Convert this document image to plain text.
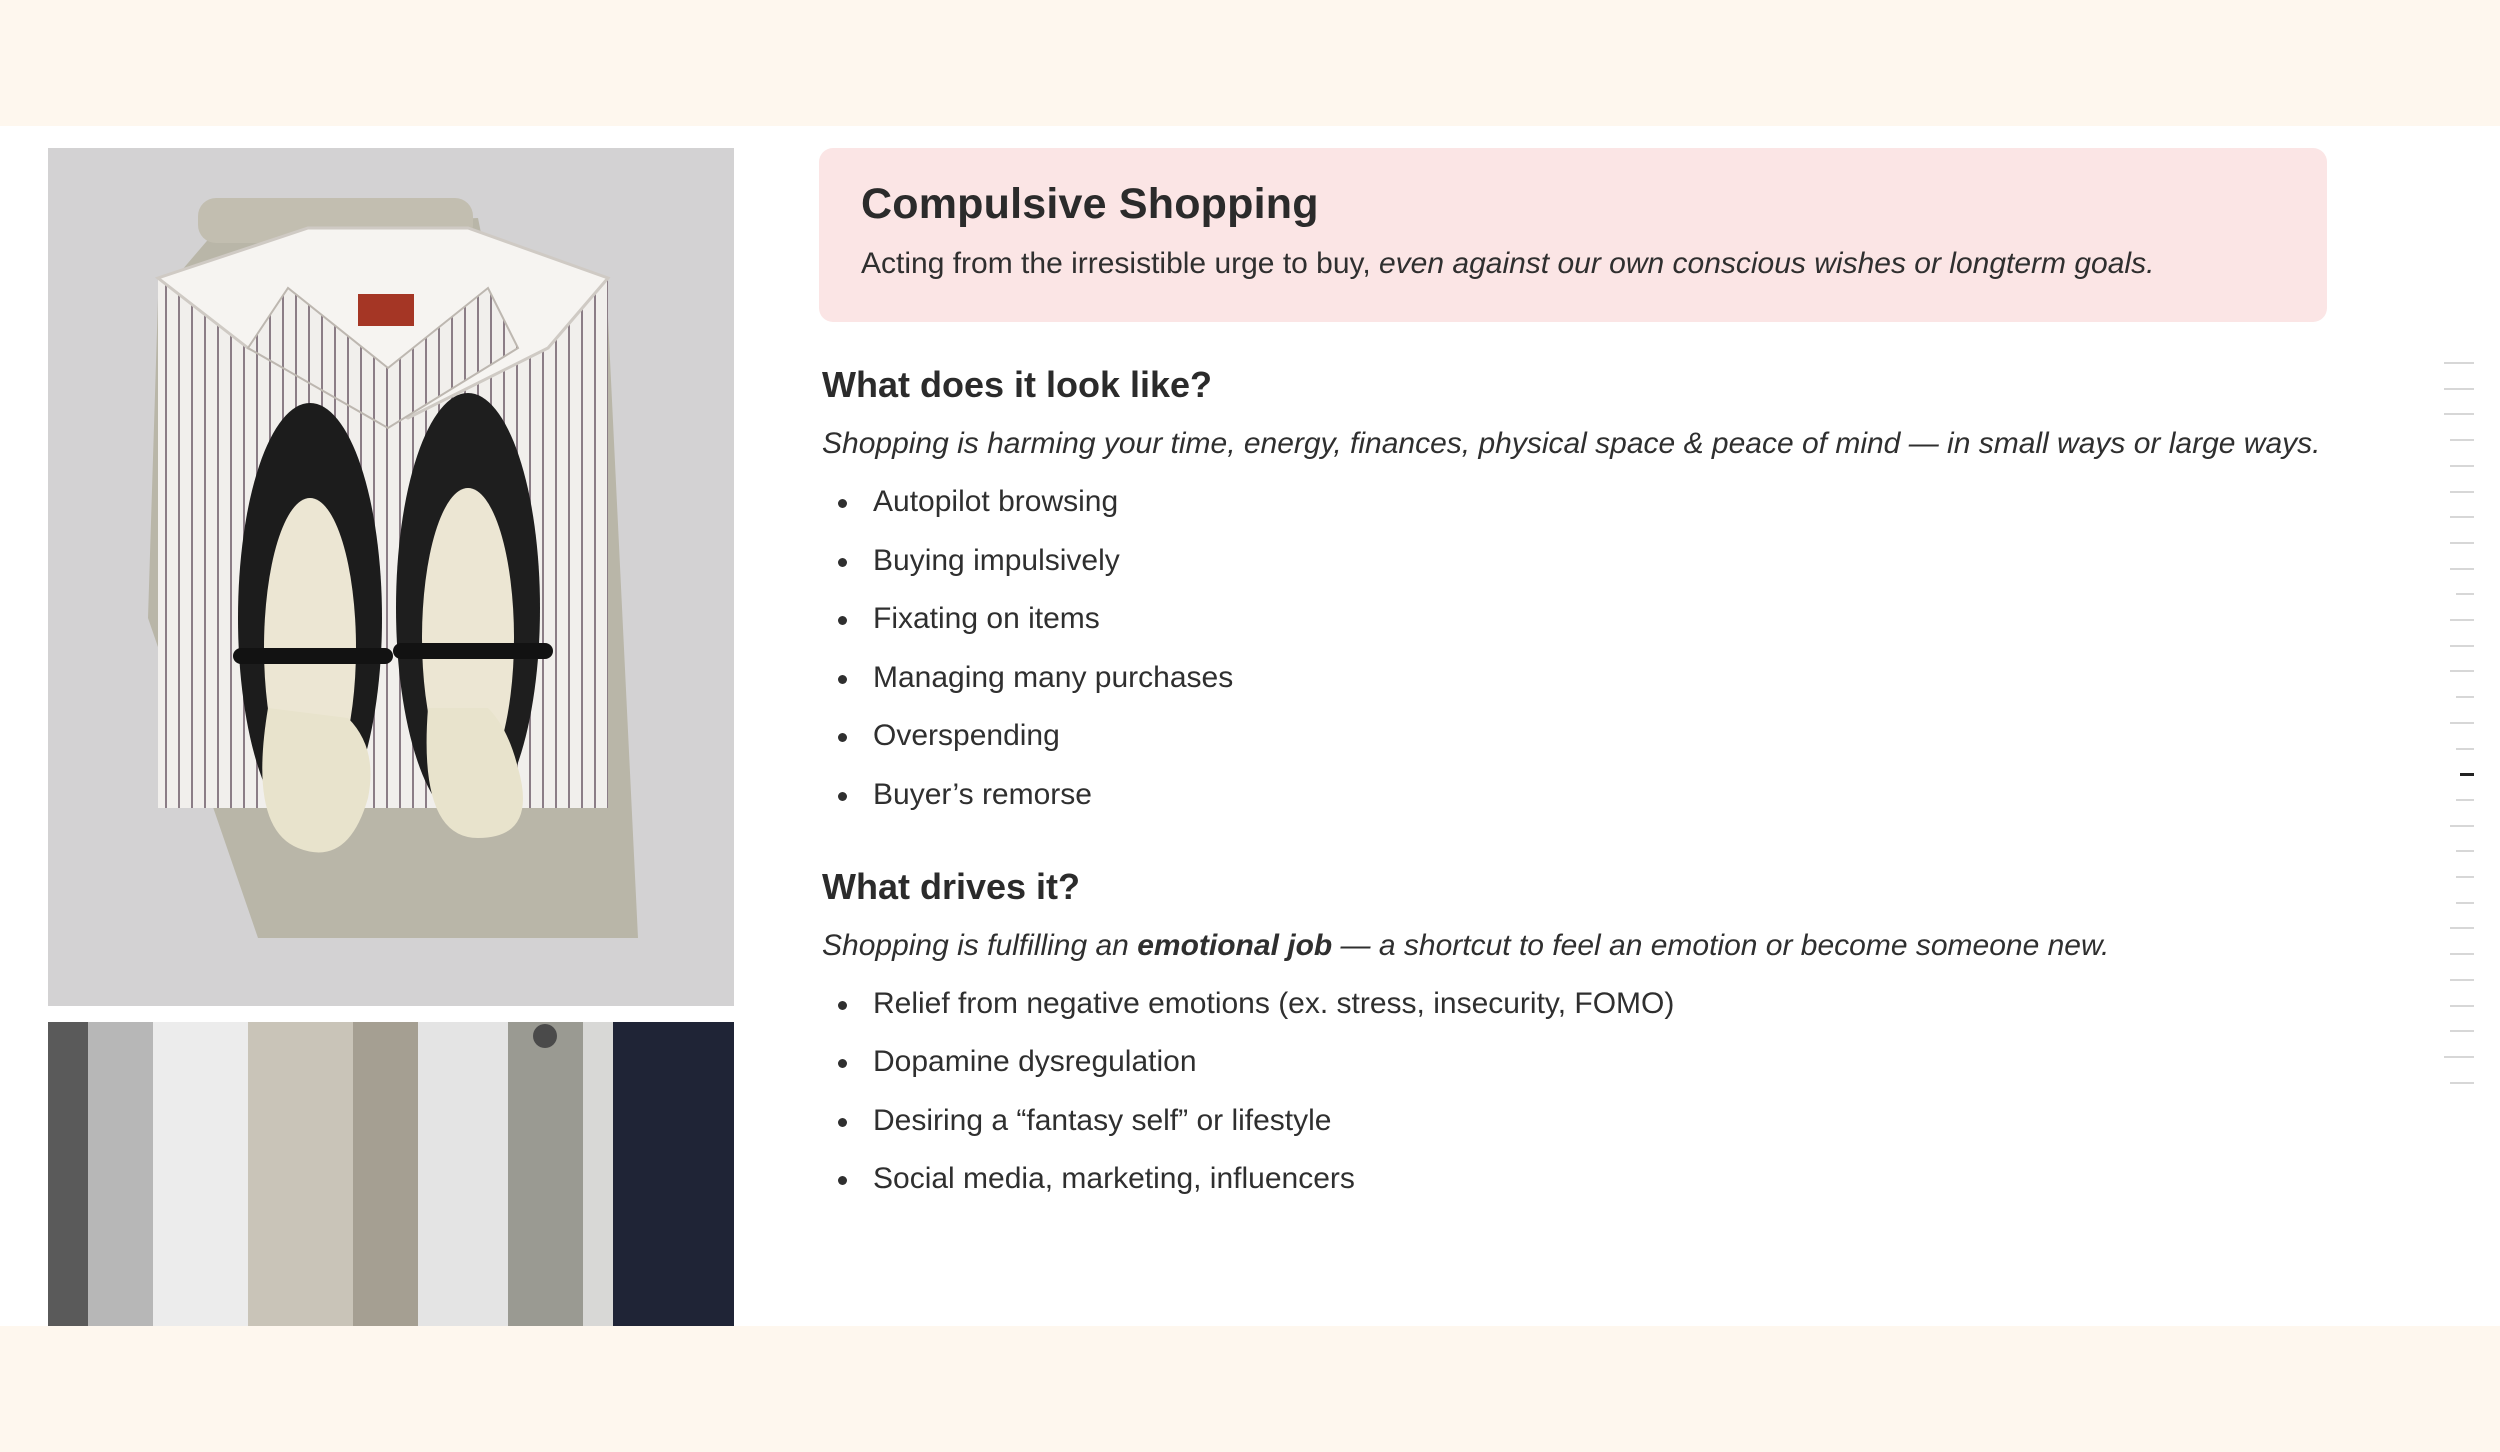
Compulsive Shopping

Acting from the irresistible urge to buy, even against our own conscious wishes or longterm goals.

What does it look like?

Shopping is harming your time, energy, finances, physical space & peace of mind — in small ways or large ways.

Autopilot browsing
Buying impulsively
Fixating on items
Managing many purchases
Overspending
Buyer’s remorse
What drives it?

Shopping is fulfilling an emotional job — a shortcut to feel an emotion or become someone new.

Relief from negative emotions (ex. stress, insecurity, FOMO)
Dopamine dysregulation
Desiring a “fantasy self” or lifestyle
Social media, marketing, influencers
